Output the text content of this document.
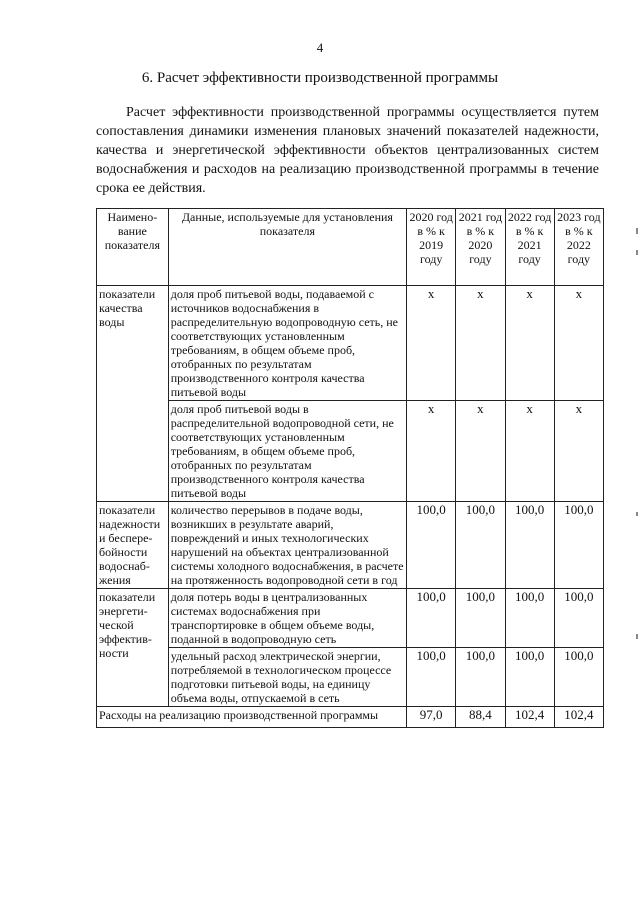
4
6. Расчет эффективности производственной программы

Расчет эффективности производственной программы осуществляется путем сопоставления динамики изменения плановых значений показателей надежности, качества и энергетической эффективности объектов централизованных систем водоснабжения и расходов на реализацию производственной программы в течение срока ее действия.

Наимено-вание показателя	Данные, используемые для установления показателя	2020 год в % к 2019 году	2021 год в % к 2020 году	2022 год в % к 2021 году	2023 год в % к 2022 году
показатели качества воды	доля проб питьевой воды, подаваемой с источников водоснабжения в распределительную водопроводную сеть, не соответствующих установленным требованиям, в общем объеме проб, отобранных по результатам производственного контроля качества питьевой воды	x	x	x	x
	доля проб питьевой воды в распределительной водопроводной сети, не соответствующих установленным требованиям, в общем объеме проб, отобранных по результатам производственного контроля качества питьевой воды	x	x	x	x
показатели надежности и беспере-бойности водоснаб-жения	количество перерывов в подаче воды, возникших в результате аварий, повреждений и иных технологических нарушений на объектах централизованной системы холодного водоснабжения, в расчете на протяженность водопроводной сети в год	100,0	100,0	100,0	100,0
показатели энергети-ческой эффектив-ности	доля потерь воды в централизованных системах водоснабжения при транспортировке в общем объеме воды, поданной в водопроводную сеть	100,0	100,0	100,0	100,0
	удельный расход электрической энергии, потребляемой в технологическом процессе подготовки питьевой воды, на единицу объема воды, отпускаемой в сеть	100,0	100,0	100,0	100,0
Расходы на реализацию производственной программы		97,0	88,4	102,4	102,4
